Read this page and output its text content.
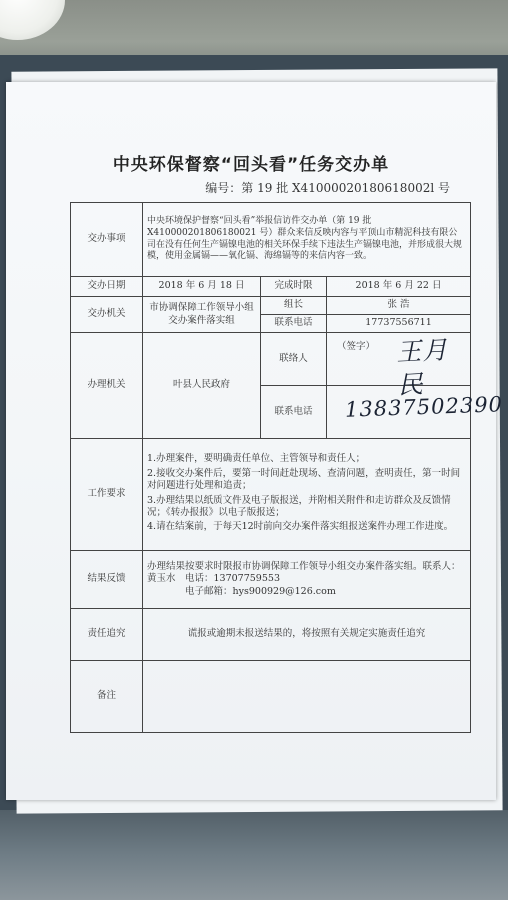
中央环保督察“回头看”任务交办单
编号：第 19 批 X41000020180618002l 号
交办事项	中央环境保护督察“回头看”举报信访件交办单（第 19 批 X410000201806180021 号）群众来信反映内容与平顶山市精泥科技有限公司在没有任何生产镉镍电池的相关环保手续下违法生产镉镍电池，并形成很大规模，使用金属镉——氧化镉、海绵镉等的来信内容一致。		
交办日期	2018 年 6 月 18 日	完成时限	2018 年 6 月 22 日
交办机关	市协调保障工作领导小组交办案件落实组	组长	张 浩
		联系电话	17737556711
办理机关	叶县人民政府	联络人	（签字） 王月民

		联系电话	13837502390

工作要求	1.办理案件，要明确责任单位、主管领导和责任人；

2.接收交办案件后，要第一时间赶赴现场、查清问题，查明责任，第一时间对问题进行处理和追责；

3.办理结果以纸质文件及电子版报送，并附相关附件和走访群众及反馈情况；《转办报报》以电子版报送；

4.请在结案前，于每天12时前向交办案件落实组报送案件办理工作进度。		

结果反馈	办理结果按要求时限报市协调保障工作领导小组交办案件落实组。联系人：黄玉水　电话：13707759553

电子邮箱：hys900929@126.com		

责任追究	谎报或逾期未报送结果的，将按照有关规定实施责任追究		
备注			
